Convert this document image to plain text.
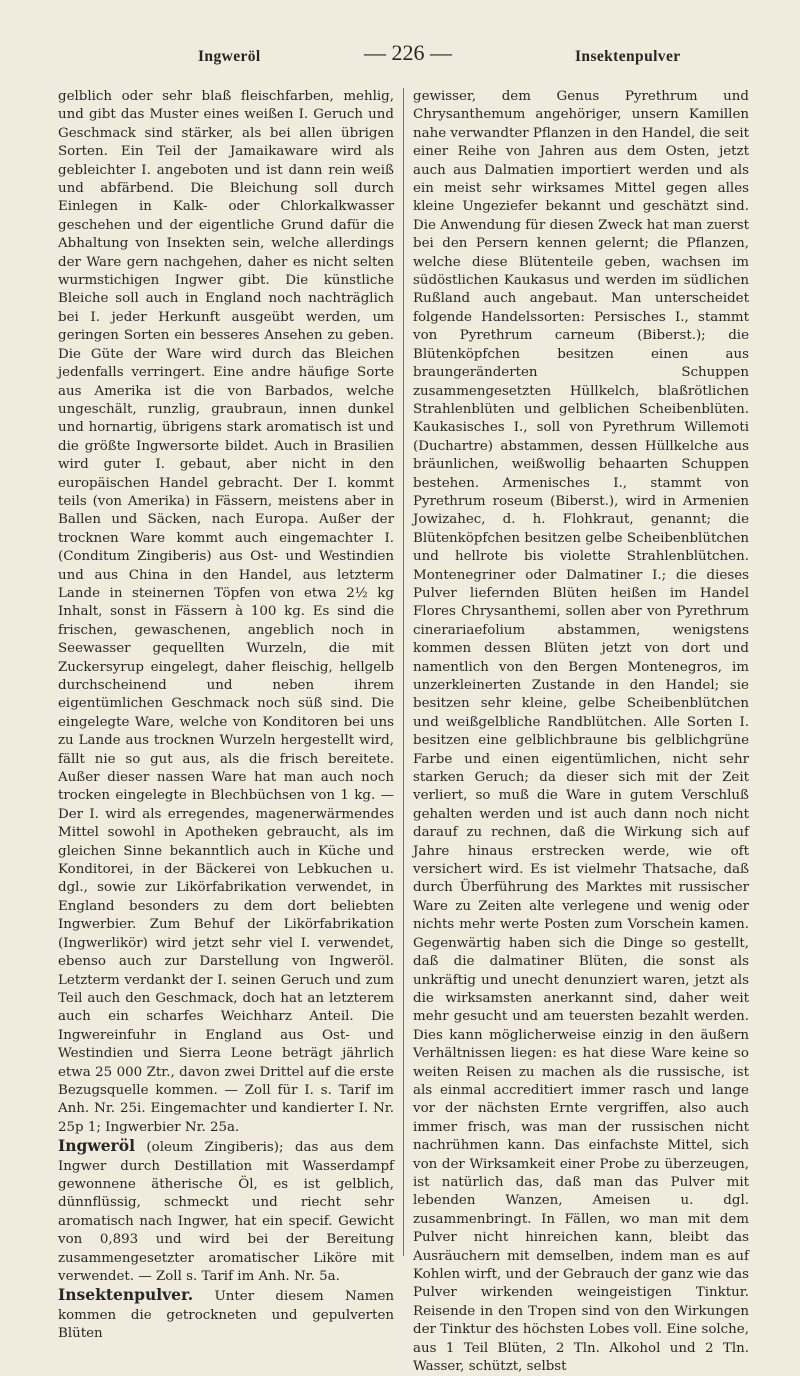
Ingweröl	— 226 —	Insektenpulver

gelblich oder sehr blaß fleischfarben, mehlig, und gibt das Muster eines weißen I. Geruch und Geschmack sind stärker, als bei allen übrigen Sorten. Ein Teil der Jamaikaware wird als gebleichter I. angeboten und ist dann rein weiß und abfärbend. Die Bleichung soll durch Einlegen in Kalk- oder Chlorkalkwasser geschehen und der eigentliche Grund dafür die Abhaltung von Insekten sein, welche allerdings der Ware gern nachgehen, daher es nicht selten wurmstichigen Ingwer gibt. Die künstliche Bleiche soll auch in England noch nachträglich bei I. jeder Herkunft ausgeübt werden, um geringen Sorten ein besseres Ansehen zu geben. Die Güte der Ware wird durch das Bleichen jedenfalls verringert. Eine andre häufige Sorte aus Amerika ist die von Barbados, welche ungeschält, runzlig, graubraun, innen dunkel und hornartig, übrigens stark aromatisch ist und die größte Ingwersorte bildet. Auch in Brasilien wird guter I. gebaut, aber nicht in den europäischen Handel gebracht. Der I. kommt teils (von Amerika) in Fässern, meistens aber in Ballen und Säcken, nach Europa. Außer der trocknen Ware kommt auch eingemachter I. (Conditum Zingiberis) aus Ost- und Westindien und aus China in den Handel, aus letzterm Lande in steinernen Töpfen von etwa 2½ kg Inhalt, sonst in Fässern à 100 kg. Es sind die frischen, gewaschenen, angeblich noch in Seewasser gequellten Wurzeln, die mit Zuckersyrup eingelegt, daher fleischig, hellgelb durchscheinend und neben ihrem eigentümlichen Geschmack noch süß sind. Die eingelegte Ware, welche von Konditoren bei uns zu Lande aus trocknen Wurzeln hergestellt wird, fällt nie so gut aus, als die frisch bereitete. Außer dieser nassen Ware hat man auch noch trocken eingelegte in Blechbüchsen von 1 kg. — Der I. wird als erregendes, magenerwärmendes Mittel sowohl in Apotheken gebraucht, als im gleichen Sinne bekanntlich auch in Küche und Konditorei, in der Bäckerei von Lebkuchen u. dgl., sowie zur Likörfabrikation verwendet, in England besonders zu dem dort beliebten Ingwerbier. Zum Behuf der Likörfabrikation (Ingwerlikör) wird jetzt sehr viel I. verwendet, ebenso auch zur Darstellung von Ingweröl. Letzterm verdankt der I. seinen Geruch und zum Teil auch den Geschmack, doch hat an letzterem auch ein scharfes Weichharz Anteil. Die Ingwereinfuhr in England aus Ost- und Westindien und Sierra Leone beträgt jährlich etwa 25 000 Ztr., davon zwei Drittel auf die erste Bezugsquelle kommen. — Zoll für I. s. Tarif im Anh. Nr. 25i. Eingemachter und kandierter I. Nr. 25p 1; Ingwerbier Nr. 25a.

Ingweröl (oleum Zingiberis); das aus dem Ingwer durch Destillation mit Wasserdampf gewonnene ätherische Öl, es ist gelblich, dünnflüssig, schmeckt und riecht sehr aromatisch nach Ingwer, hat ein specif. Gewicht von 0,893 und wird bei der Bereitung zusammengesetzter aromatischer Liköre mit verwendet. — Zoll s. Tarif im Anh. Nr. 5a.

Insektenpulver. Unter diesem Namen kommen die getrockneten und gepulverten Blüten

gewisser, dem Genus Pyrethrum und Chrysanthemum angehöriger, unsern Kamillen nahe verwandter Pflanzen in den Handel, die seit einer Reihe von Jahren aus dem Osten, jetzt auch aus Dalmatien importiert werden und als ein meist sehr wirksames Mittel gegen alles kleine Ungeziefer bekannt und geschätzt sind. Die Anwendung für diesen Zweck hat man zuerst bei den Persern kennen gelernt; die Pflanzen, welche diese Blütenteile geben, wachsen im südöstlichen Kaukasus und werden im südlichen Rußland auch angebaut. Man unterscheidet folgende Handelssorten: Persisches I., stammt von Pyrethrum carneum (Biberst.); die Blütenköpfchen besitzen einen aus braungeränderten Schuppen zusammengesetzten Hüllkelch, blaßrötlichen Strahlenblüten und gelblichen Scheibenblüten. Kaukasisches I., soll von Pyrethrum Willemoti (Duchartre) abstammen, dessen Hüllkelche aus bräunlichen, weißwollig behaarten Schuppen bestehen. Armenisches I., stammt von Pyrethrum roseum (Biberst.), wird in Armenien Jowizahec, d. h. Flohkraut, genannt; die Blütenköpfchen besitzen gelbe Scheibenblütchen und hellrote bis violette Strahlenblütchen. Montenegriner oder Dalmatiner I.; die dieses Pulver liefernden Blüten heißen im Handel Flores Chrysanthemi, sollen aber von Pyrethrum cinerariaefolium abstammen, wenigstens kommen dessen Blüten jetzt von dort und namentlich von den Bergen Montenegros, im unzerkleinerten Zustande in den Handel; sie besitzen sehr kleine, gelbe Scheibenblütchen und weißgelbliche Randblütchen. Alle Sorten I. besitzen eine gelblichbraune bis gelblichgrüne Farbe und einen eigentümlichen, nicht sehr starken Geruch; da dieser sich mit der Zeit verliert, so muß die Ware in gutem Verschluß gehalten werden und ist auch dann noch nicht darauf zu rechnen, daß die Wirkung sich auf Jahre hinaus erstrecken werde, wie oft versichert wird. Es ist vielmehr Thatsache, daß durch Überführung des Marktes mit russischer Ware zu Zeiten alte verlegene und wenig oder nichts mehr werte Posten zum Vorschein kamen. Gegenwärtig haben sich die Dinge so gestellt, daß die dalmatiner Blüten, die sonst als unkräftig und unecht denunziert waren, jetzt als die wirksamsten anerkannt sind, daher weit mehr gesucht und am teuersten bezahlt werden. Dies kann möglicherweise einzig in den äußern Verhältnissen liegen: es hat diese Ware keine so weiten Reisen zu machen als die russische, ist als einmal accreditiert immer rasch und lange vor der nächsten Ernte vergriffen, also auch immer frisch, was man der russischen nicht nachrühmen kann. Das einfachste Mittel, sich von der Wirksamkeit einer Probe zu überzeugen, ist natürlich das, daß man das Pulver mit lebenden Wanzen, Ameisen u. dgl. zusammenbringt. In Fällen, wo man mit dem Pulver nicht hinreichen kann, bleibt das Ausräuchern mit demselben, indem man es auf Kohlen wirft, und der Gebrauch der ganz wie das Pulver wirkenden weingeistigen Tinktur. Reisende in den Tropen sind von den Wirkungen der Tinktur des höchsten Lobes voll. Eine solche, aus 1 Teil Blüten, 2 Tln. Alkohol und 2 Tln. Wasser, schützt, selbst
